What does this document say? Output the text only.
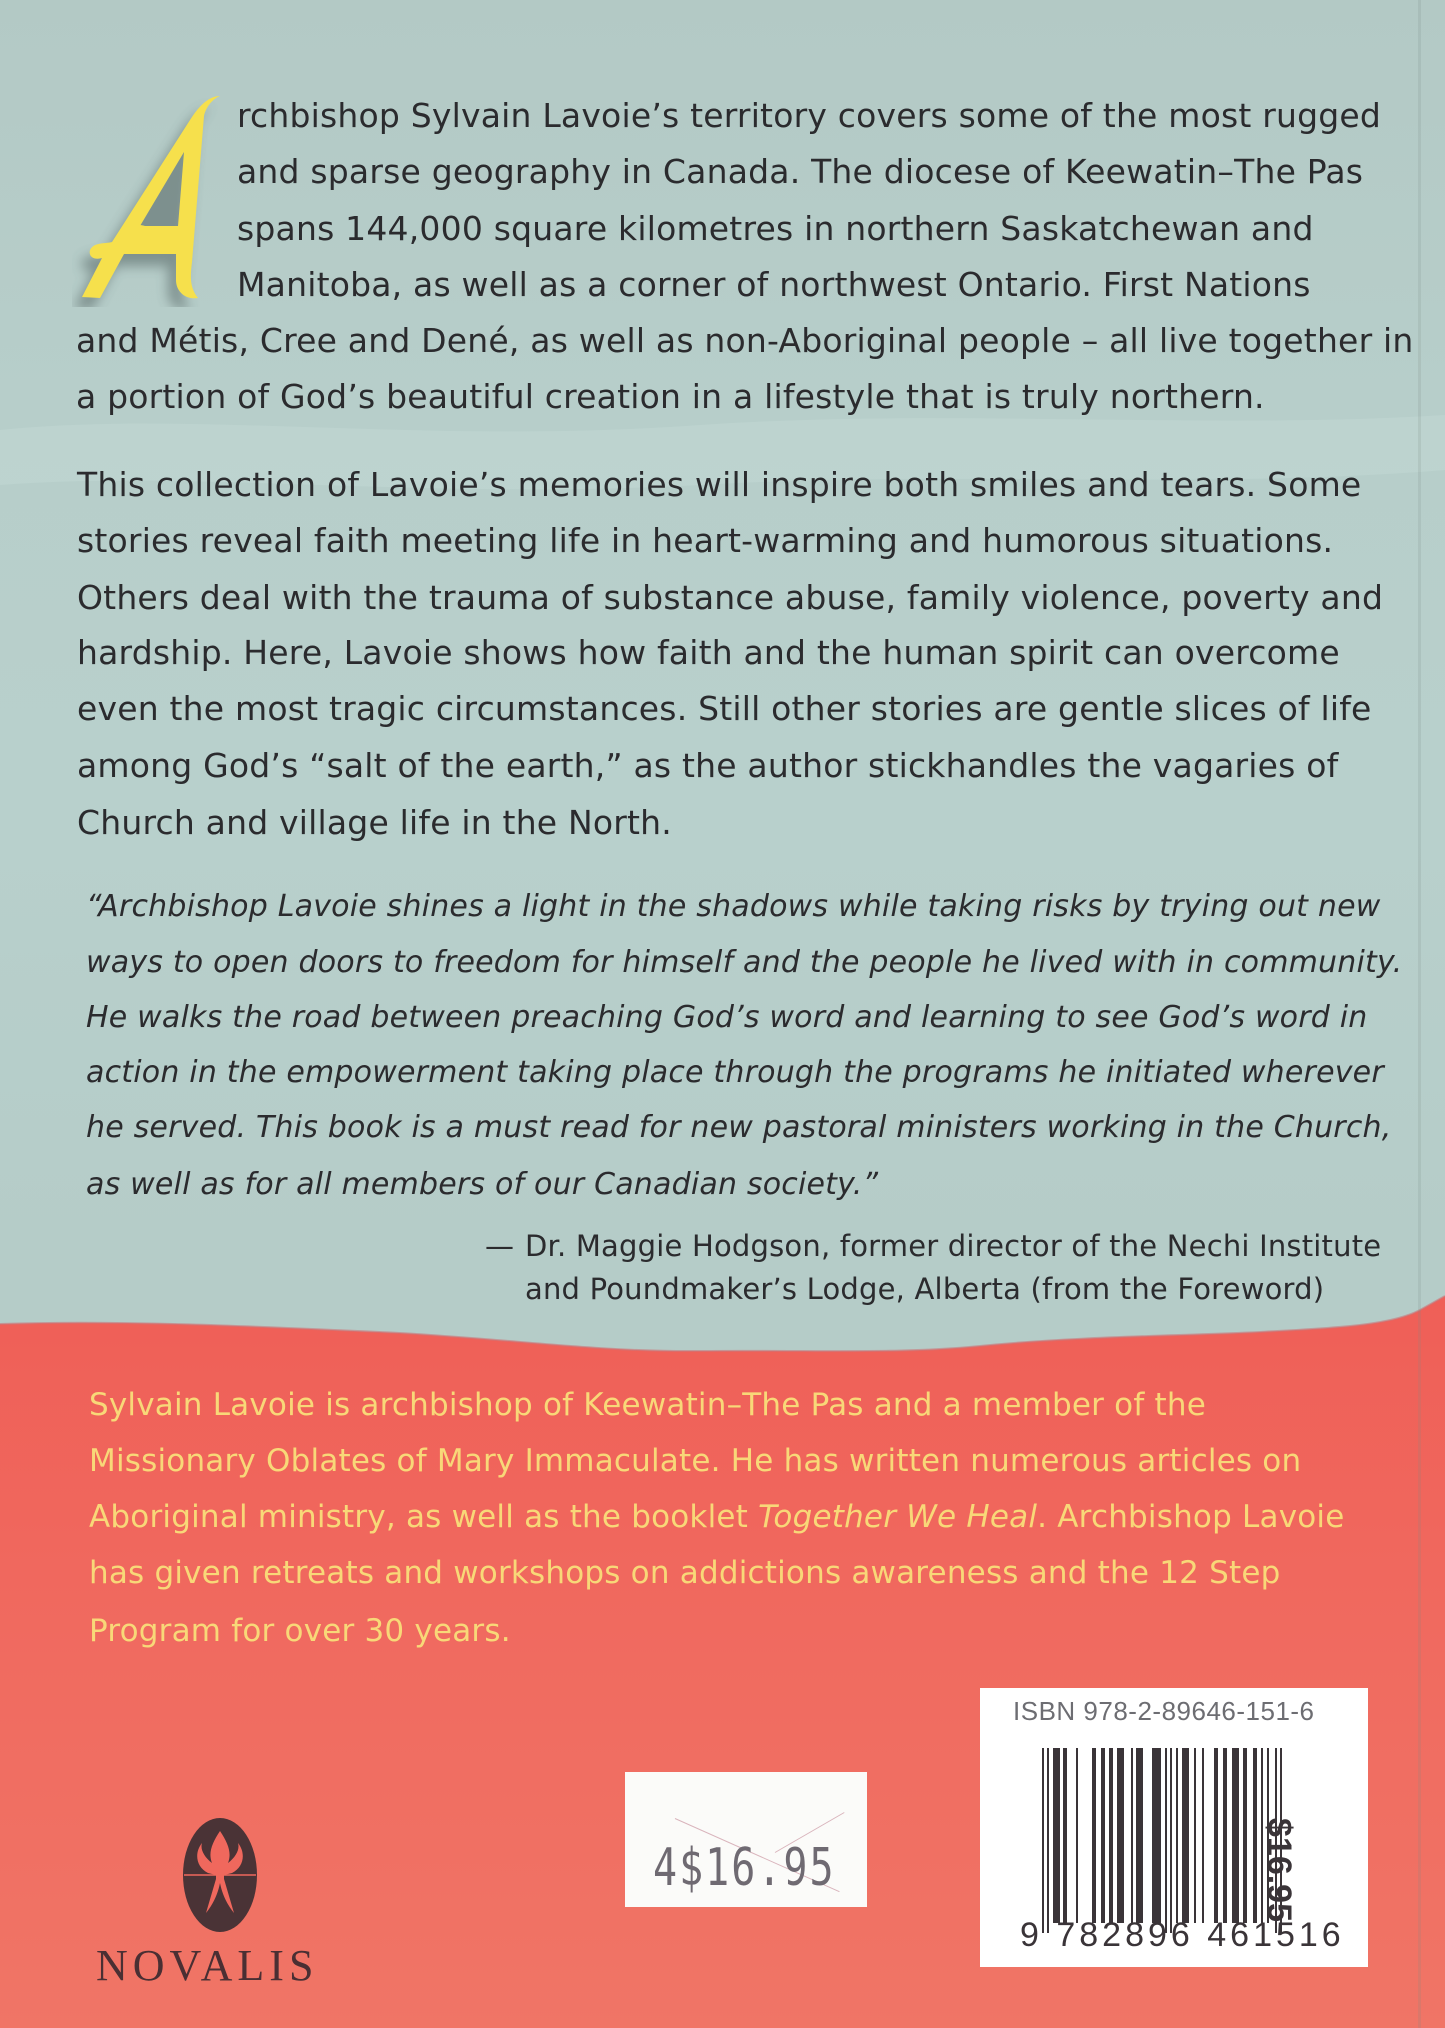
rchbishop Sylvain Lavoie’s territory covers some of the most rugged
and sparse geography in Canada. The diocese of Keewatin–The Pas
spans 144,000 square kilometres in northern Saskatchewan and
Manitoba, as well as a corner of northwest Ontario. First Nations
and Métis, Cree and Dené, as well as non-Aboriginal people – all live together in
a portion of God’s beautiful creation in a lifestyle that is truly northern.
This collection of Lavoie’s memories will inspire both smiles and tears. Some
stories reveal faith meeting life in heart-warming and humorous situations.
Others deal with the trauma of substance abuse, family violence, poverty and
hardship. Here, Lavoie shows how faith and the human spirit can overcome
even the most tragic circumstances. Still other stories are gentle slices of life
among God’s “salt of the earth,” as the author stickhandles the vagaries of
Church and village life in the North.
“Archbishop Lavoie shines a light in the shadows while taking risks by trying out new
ways to open doors to freedom for himself and the people he lived with in community.
He walks the road between preaching God’s word and learning to see God’s word in
action in the empowerment taking place through the programs he initiated wherever
he served. This book is a must read for new pastoral ministers working in the Church,
as well as for all members of our Canadian society.”
— Dr. Maggie Hodgson, former director of the Nechi Institute
and Poundmaker’s Lodge, Alberta (from the Foreword)
Sylvain Lavoie is archbishop of Keewatin–The Pas and a member of the
Missionary Oblates of Mary Immaculate. He has written numerous articles on
Aboriginal ministry, as well as the booklet Together We Heal. Archbishop Lavoie
has given retreats and workshops on addictions awareness and the 12 Step
Program for over 30 years.
NOVALIS
4$16.95
ISBN 978-2-89646-151-6
9 782896 461516
$16.95
